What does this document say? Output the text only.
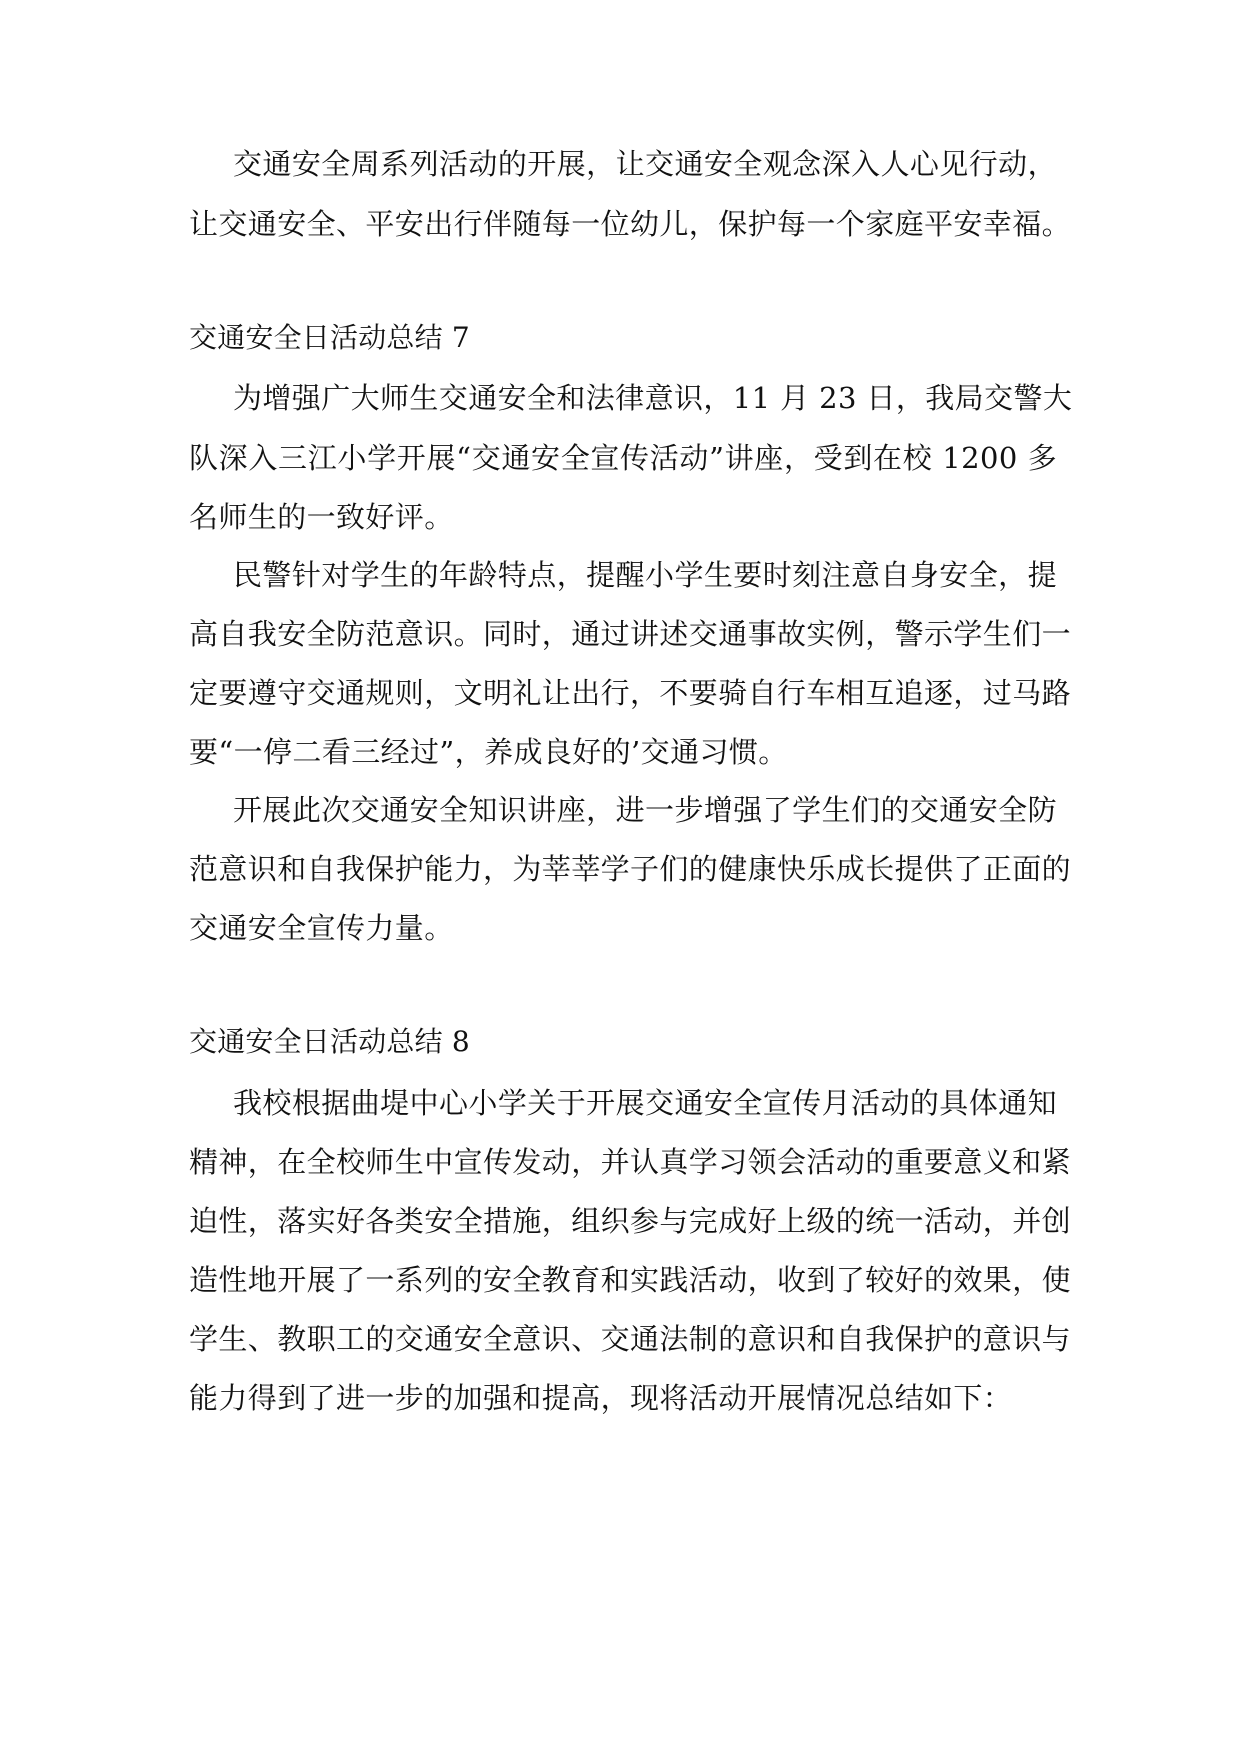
交通安全周系列活动的开展，让交通安全观念深入人心见行动，
让交通安全、平安出行伴随每一位幼儿，保护每一个家庭平安幸福。
交通安全日活动总结 7
为增强广大师生交通安全和法律意识，11 月 23 日，我局交警大
队深入三江小学开展“交通安全宣传活动”讲座，受到在校 1200 多
名师生的一致好评。
民警针对学生的年龄特点，提醒小学生要时刻注意自身安全，提
高自我安全防范意识。同时，通过讲述交通事故实例，警示学生们一
定要遵守交通规则，文明礼让出行，不要骑自行车相互追逐，过马路
要“一停二看三经过”，养成良好的’交通习惯。
开展此次交通安全知识讲座，进一步增强了学生们的交通安全防
范意识和自我保护能力，为莘莘学子们的健康快乐成长提供了正面的
交通安全宣传力量。
交通安全日活动总结 8
我校根据曲堤中心小学关于开展交通安全宣传月活动的具体通知
精神，在全校师生中宣传发动，并认真学习领会活动的重要意义和紧
迫性，落实好各类安全措施，组织参与完成好上级的统一活动，并创
造性地开展了一系列的安全教育和实践活动，收到了较好的效果，使
学生、教职工的交通安全意识、交通法制的意识和自我保护的意识与
能力得到了进一步的加强和提高，现将活动开展情况总结如下：
